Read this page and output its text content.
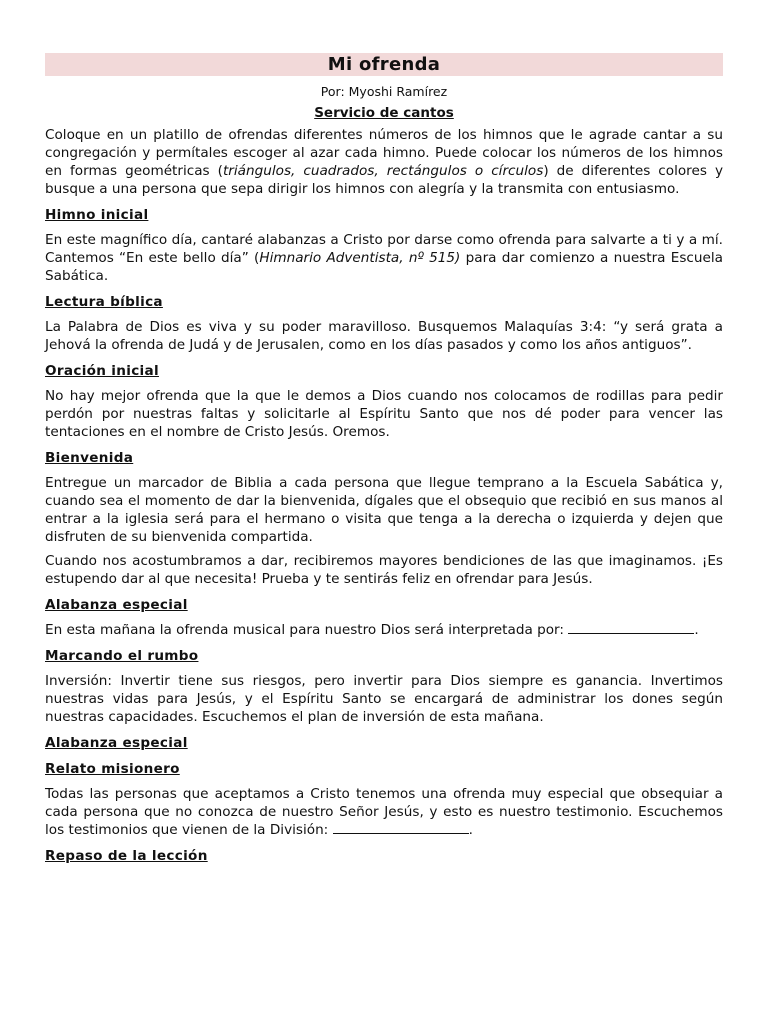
Mi ofrenda
Por: Myoshi Ramírez
Servicio de cantos

Coloque en un platillo de ofrendas diferentes números de los himnos que le agrade cantar a su congregación y permítales escoger al azar cada himno. Puede colocar los números de los himnos en formas geométricas (triángulos, cuadrados, rectángulos o círculos) de diferentes colores y busque a una persona que sepa dirigir los himnos con alegría y la transmita con entusiasmo.

Himno inicial

En este magnífico día, cantaré alabanzas a Cristo por darse como ofrenda para salvarte a ti y a mí. Cantemos “En este bello día” (Himnario Adventista, nº 515) para dar comienzo a nuestra Escuela Sabática.

Lectura bíblica

La Palabra de Dios es viva y su poder maravilloso. Busquemos Malaquías 3:4: “y será grata a Jehová la ofrenda de Judá y de Jerusalen, como en los días pasados y como los años antiguos”.

Oración inicial

No hay mejor ofrenda que la que le demos a Dios cuando nos colocamos de rodillas para pedir perdón por nuestras faltas y solicitarle al Espíritu Santo que nos dé poder para vencer las tentaciones en el nombre de Cristo Jesús. Oremos.

Bienvenida

Entregue un marcador de Biblia a cada persona que llegue temprano a la Escuela Sabática y, cuando sea el momento de dar la bienvenida, dígales que el obsequio que recibió en sus manos al entrar a la iglesia será para el hermano o visita que tenga a la derecha o izquierda y dejen que disfruten de su bienvenida compartida.

Cuando nos acostumbramos a dar, recibiremos mayores bendiciones de las que imaginamos. ¡Es estupendo dar al que necesita! Prueba y te sentirás feliz en ofrendar para Jesús.

Alabanza especial

En esta mañana la ofrenda musical para nuestro Dios será interpretada por:	.

Marcando el rumbo

Inversión: Invertir tiene sus riesgos, pero invertir para Dios siempre es ganancia. Invertimos nuestras vidas para Jesús, y el Espíritu Santo se encargará de administrar los dones según nuestras capacidades. Escuchemos el plan de inversión de esta mañana.

Alabanza especial
Relato misionero

Todas las personas que aceptamos a Cristo tenemos una ofrenda muy especial que obsequiar a cada persona que no conozca de nuestro Señor Jesús, y esto es nuestro testimonio. Escuchemos los testimonios que vienen de la División:	.

Repaso de la lección
